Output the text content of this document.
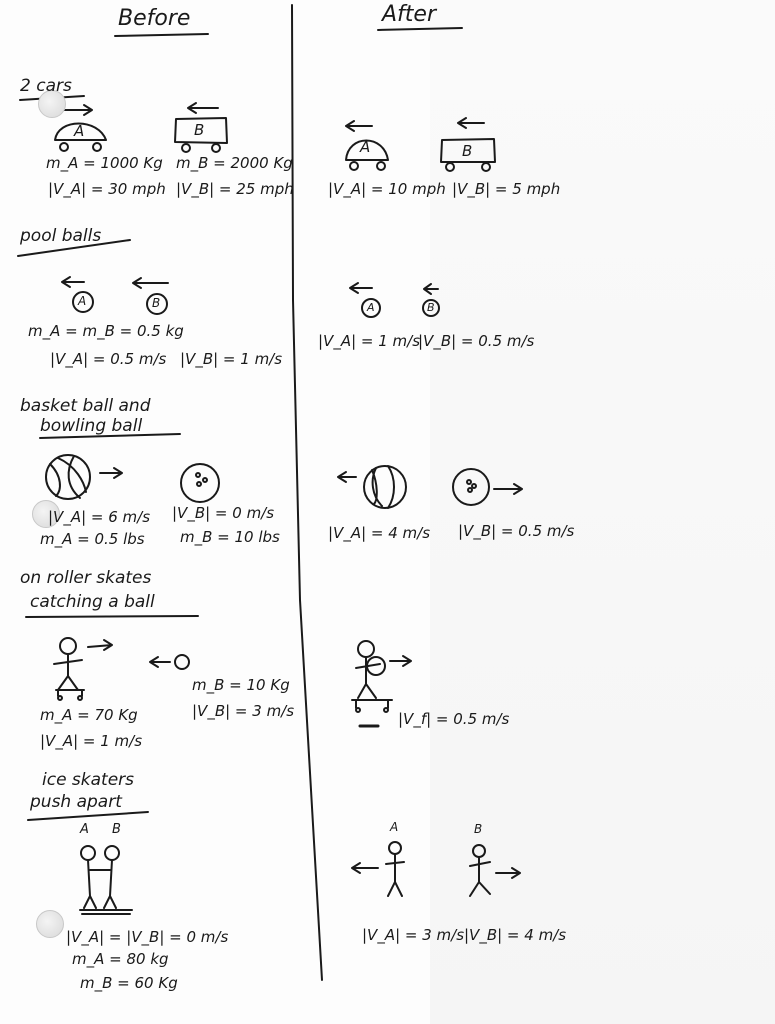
Before	After

2 cars

A	B

m_A = 1000 Kg m_B = 2000 Kg

|V_A| = 30 mph |V_B| = 25 mph

A	B

|V_A| = 10 mph |V_B| = 5 mph

pool balls

A	B

m_A = m_B = 0.5 kg

|V_A| = 0.5 m/s |V_B| = 1 m/s

A	B

|V_A| = 1 m/s

|V_B| = 0.5 m/s

basket ball and

bowling ball

|V_A| = 6 m/s |V_B| = 0 m/s

m_A = 0.5 lbs m_B = 10 lbs	|V_A| = 4 m/s |V_B| = 0.5 m/s

on roller skates

catching a ball

m_B = 10 Kg

|V_B| = 3 m/s

m_A = 70 Kg

|V_A| = 1 m/s

|V_f| = 0.5 m/s

ice skaters

push apart

A B

|V_A| = |V_B| = 0 m/s

m_A = 80 kg

m_B = 60 Kg

A	B

|V_A| = 3 m/s |V_B| = 4 m/s
